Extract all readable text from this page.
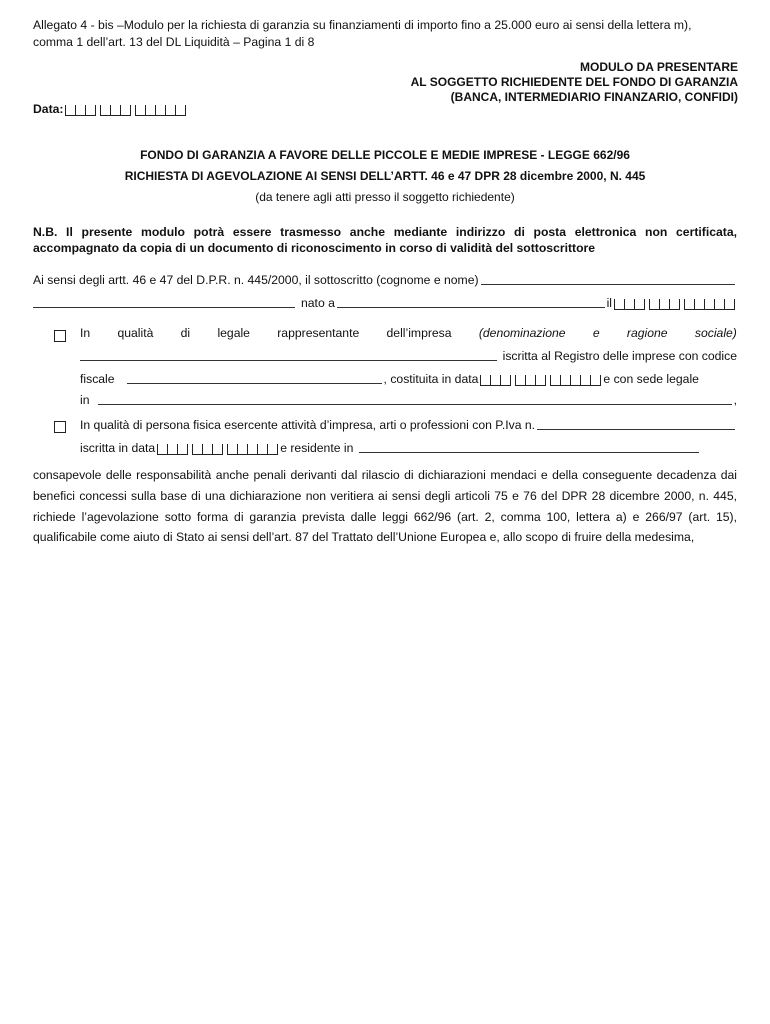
Allegato 4 - bis –Modulo per la richiesta di garanzia su finanziamenti di importo fino a 25.000 euro ai sensi della lettera m),
comma 1 dell’art. 13 del DL Liquidità – Pagina 1 di 8
MODULO DA PRESENTARE
AL SOGGETTO RICHIEDENTE DEL FONDO DI GARANZIA
(BANCA, INTERMEDIARIO FINANZARIO, CONFIDI)
Data:
FONDO DI GARANZIA A FAVORE DELLE PICCOLE E MEDIE IMPRESE - LEGGE 662/96
RICHIESTA DI AGEVOLAZIONE AI SENSI DELL’ARTT. 46 e 47 DPR 28 dicembre 2000, N. 445
(da tenere agli atti presso il soggetto richiedente)
N.B. Il presente modulo potrà essere trasmesso anche mediante indirizzo di posta elettronica non certificata, accompagnato da copia di un documento di riconoscimento in corso di validità del sottoscrittore
Ai sensi degli artt. 46 e 47 del D.P.R. n. 445/2000, il sottoscritto (cognome e nome)
nato a	il
In qualità di legale rappresentante dell’impresa (denominazione e ragione sociale)
iscritta al Registro delle imprese con codice
fiscale	, costituita in data	e con sede legale
in	,
In qualità di persona fisica esercente attività d’impresa, arti o professioni con P.Iva n.
iscritta in data	e residente in
consapevole delle responsabilità anche penali derivanti dal rilascio di dichiarazioni mendaci e della conseguente decadenza dai benefici concessi sulla base di una dichiarazione non veritiera ai sensi degli articoli 75 e 76 del DPR 28 dicembre 2000, n. 445, richiede l’agevolazione sotto forma di garanzia prevista dalle leggi 662/96 (art. 2, comma 100, lettera a) e 266/97 (art. 15), qualificabile come aiuto di Stato ai sensi dell’art. 87 del Trattato dell’Unione Europea e, allo scopo di fruire della medesima,
